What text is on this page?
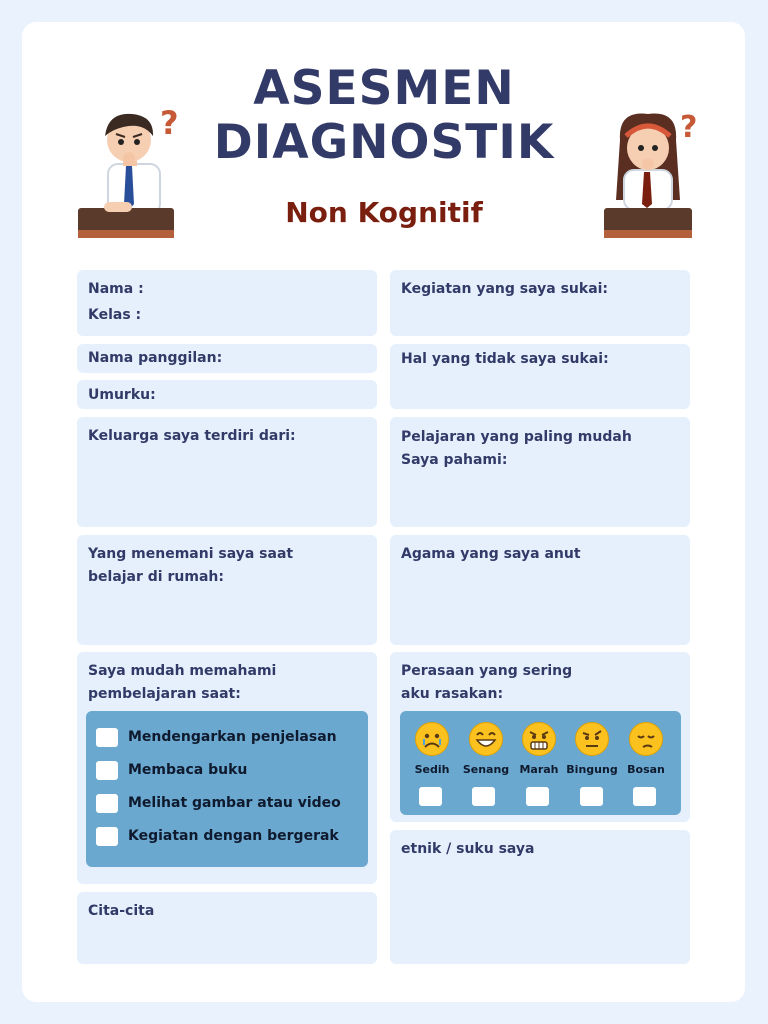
?	?
ASESMEN
DIAGNOSTIK
Non Kognitif
Nama :
Kelas :
Nama panggilan:
Umurku:
Keluarga saya terdiri dari:
Yang menemani saya saat
belajar di rumah:
Saya mudah memahami
pembelajaran saat:
Mendengarkan penjelasan
Membaca buku
Melihat gambar atau video
Kegiatan dengan bergerak
Cita-cita
Kegiatan yang saya sukai:
Hal yang tidak saya sukai:
Pelajaran yang paling mudah
Saya pahami:
Agama yang saya anut
Perasaan yang sering
aku rasakan:
Sedih	Senang Marah Bingung Bosan
etnik / suku saya
